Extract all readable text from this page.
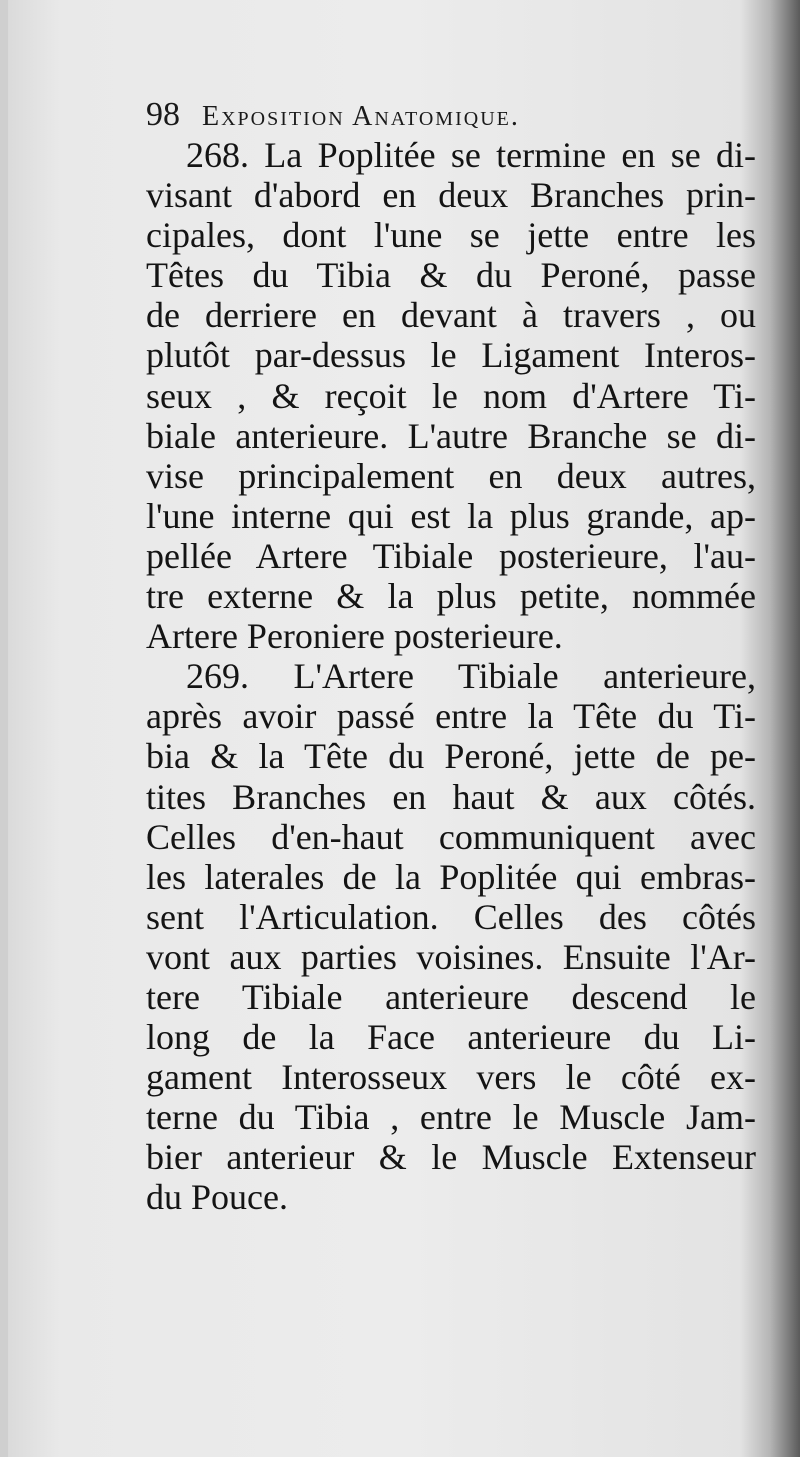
98 Exposition Anatomique.
268. La Poplitée se termine en se di-
visant d'abord en deux Branches prin-
cipales, dont l'une se jette entre les
Têtes du Tibia & du Peroné, passe
de derriere en devant à travers , ou
plutôt par-dessus le Ligament Interos-
seux , & reçoit le nom d'Artere Ti-
biale anterieure. L'autre Branche se di-
vise principalement en deux autres,
l'une interne qui est la plus grande, ap-
pellée Artere Tibiale posterieure, l'au-
tre externe & la plus petite, nommée
Artere Peroniere posterieure.
269. L'Artere Tibiale anterieure,
après avoir passé entre la Tête du Ti-
bia & la Tête du Peroné, jette de pe-
tites Branches en haut & aux côtés.
Celles d'en-haut communiquent avec
les laterales de la Poplitée qui embras-
sent l'Articulation. Celles des côtés
vont aux parties voisines. Ensuite l'Ar-
tere Tibiale anterieure descend le
long de la Face anterieure du Li-
gament Interosseux vers le côté ex-
terne du Tibia , entre le Muscle Jam-
bier anterieur & le Muscle Extenseur
du Pouce.
